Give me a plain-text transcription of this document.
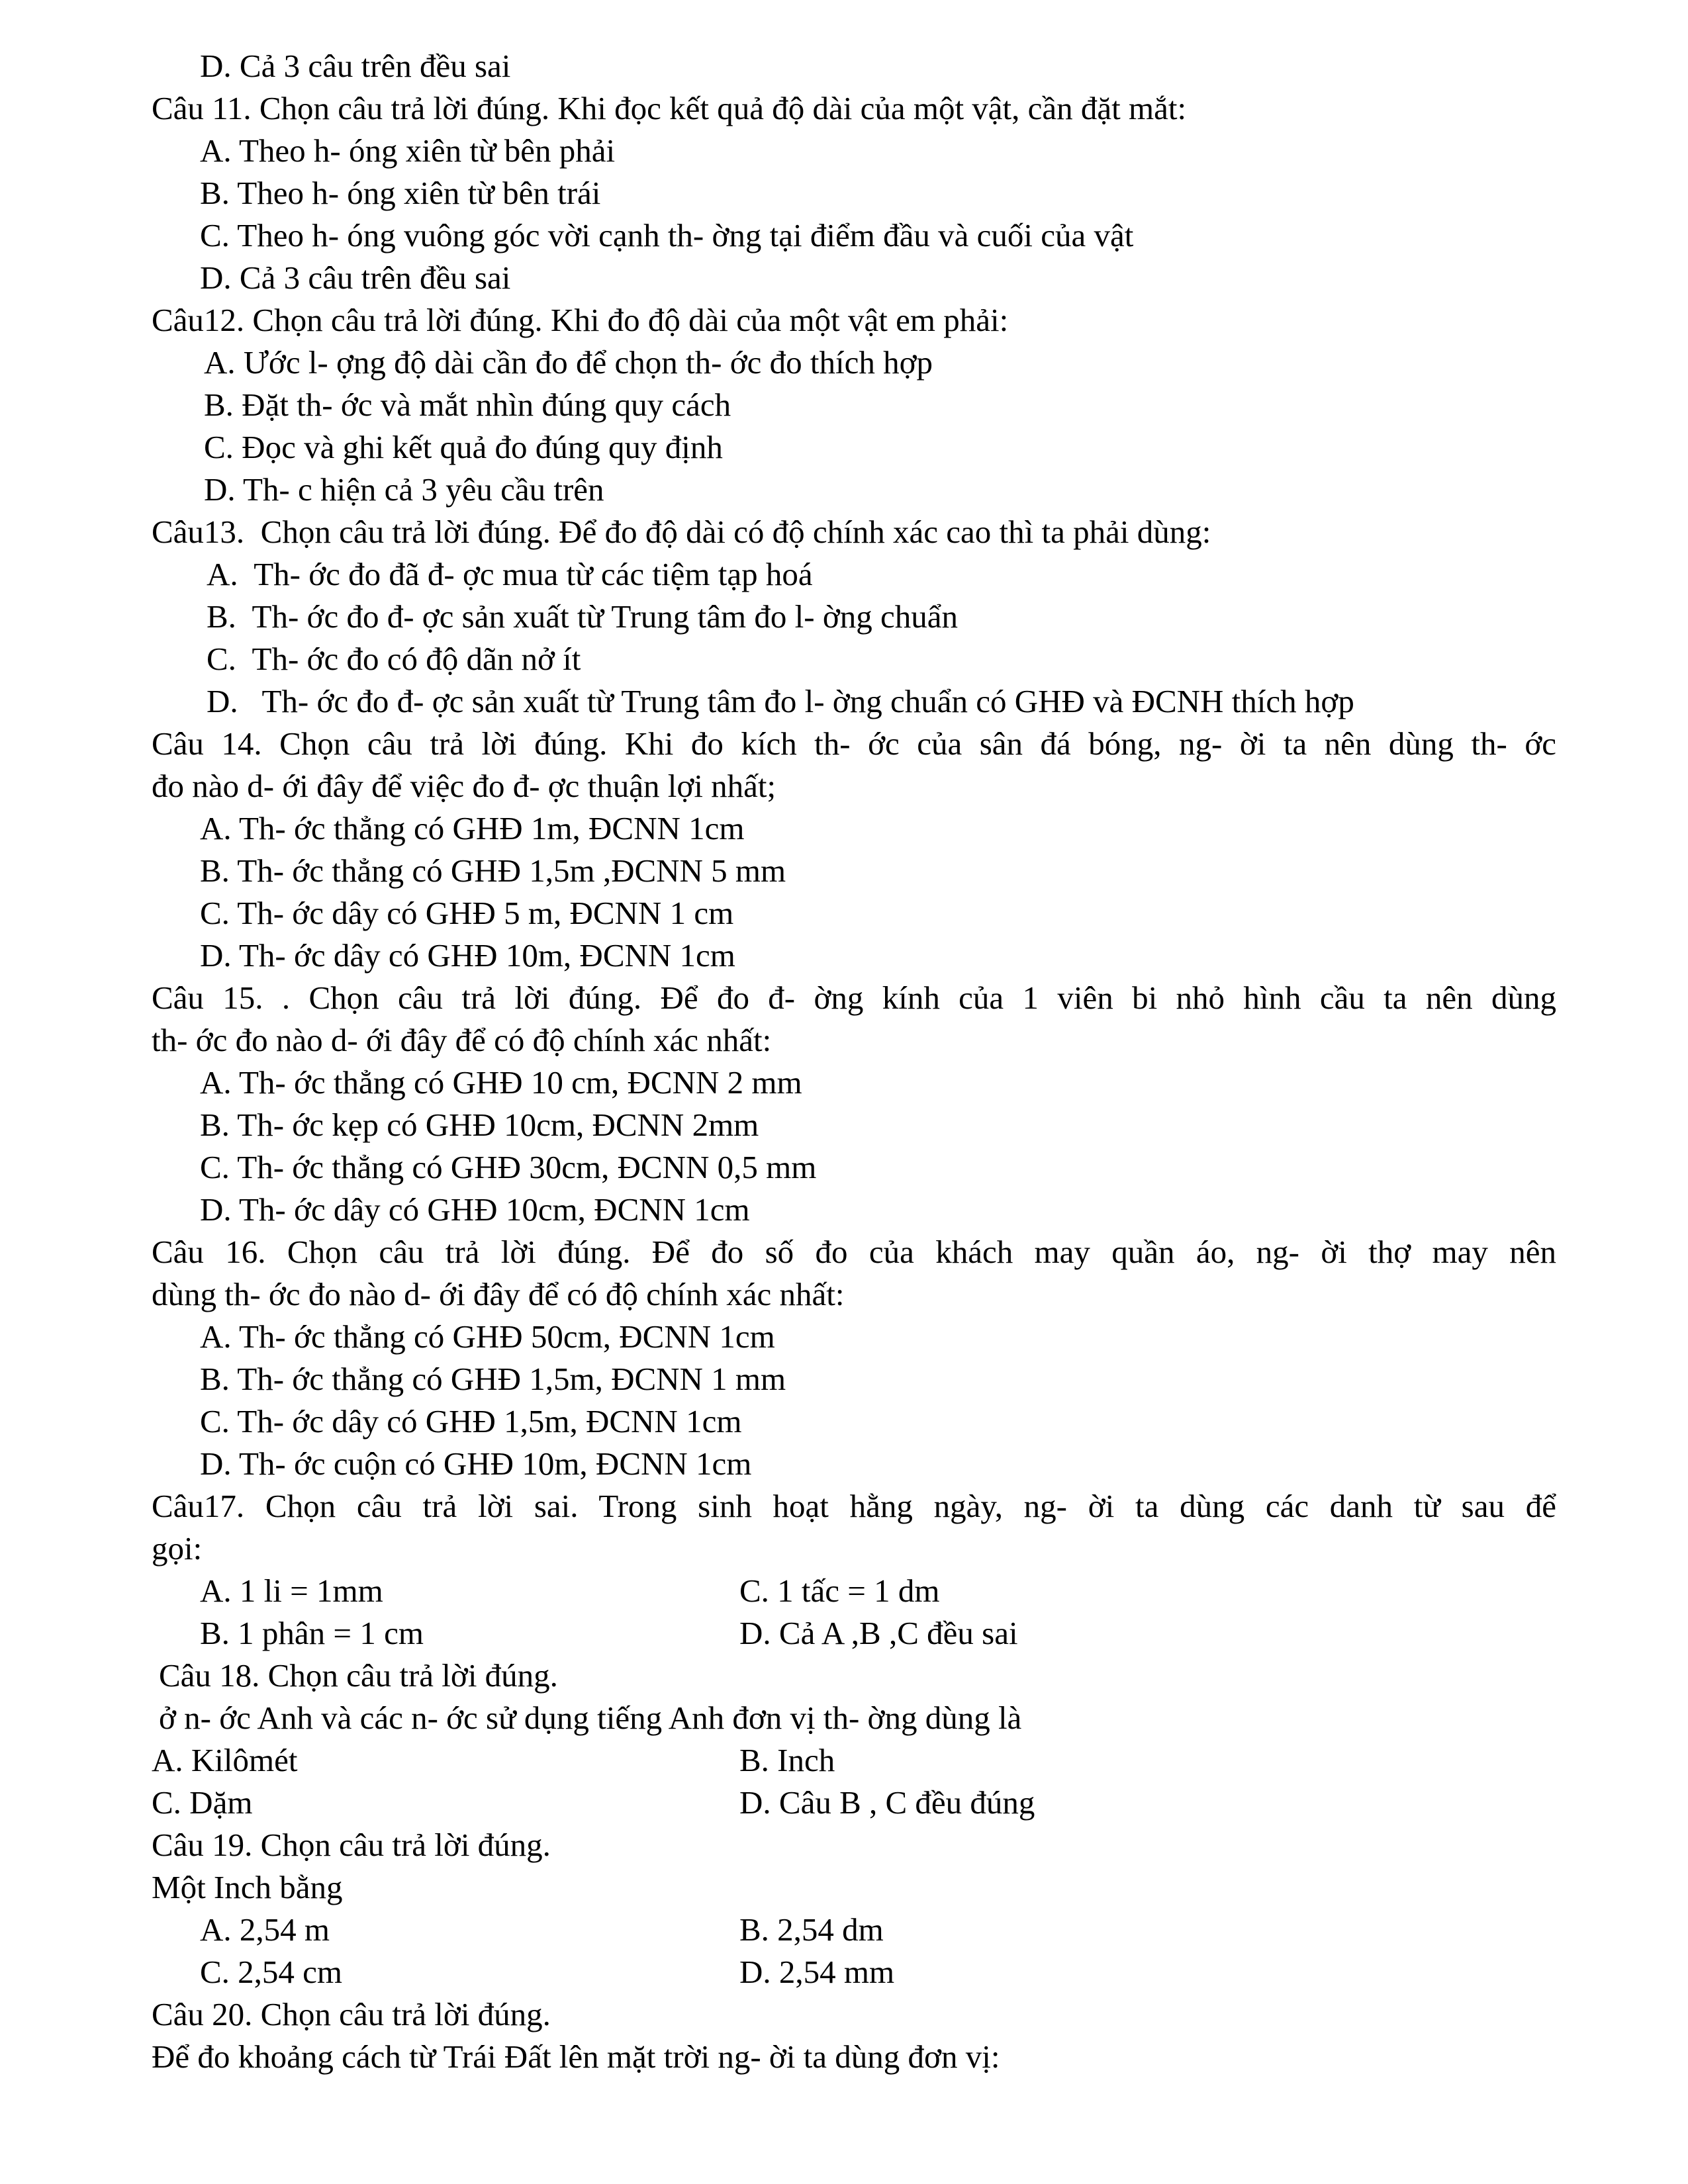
D. Cả 3 câu trên đều sai
Câu 11. Chọn câu trả lời đúng. Khi đọc kết quả độ dài của một vật, cần đặt mắt:
A. Theo h- óng xiên từ bên phải
B. Theo h- óng xiên từ bên trái
C. Theo h- óng vuông góc vời cạnh th- ờng tại điểm đầu và cuối của vật
D. Cả 3 câu trên đều sai
Câu12. Chọn câu trả lời đúng. Khi đo độ dài của một vật em phải:
A. Ước l- ợng độ dài cần đo để chọn th- ớc đo thích hợp
B. Đặt th- ớc và mắt nhìn đúng quy cách
C. Đọc và ghi kết quả đo đúng quy định
D. Th- c hiện cả 3 yêu cầu trên
Câu13.  Chọn câu trả lời đúng. Để đo độ dài có độ chính xác cao thì ta phải dùng:
A.  Th- ớc đo đã đ- ợc mua từ các tiệm tạp hoá
B.  Th- ớc đo đ- ợc sản xuất từ Trung tâm đo l- ờng chuẩn
C.  Th- ớc đo có độ dãn nở ít
D.   Th- ớc đo đ- ợc sản xuất từ Trung tâm đo l- ờng chuẩn có GHĐ và ĐCNH thích hợp
Câu 14. Chọn câu trả lời đúng. Khi đo kích th- ớc của sân đá bóng, ng- ời ta nên dùng th- ớc
đo nào d- ới đây để việc đo đ- ợc thuận lợi nhất;
A. Th- ớc thẳng có GHĐ 1m, ĐCNN 1cm
B. Th- ớc thẳng có GHĐ 1,5m ,ĐCNN 5 mm
C. Th- ớc dây có GHĐ 5 m, ĐCNN 1 cm
D. Th- ớc dây có GHĐ 10m, ĐCNN 1cm
Câu 15. . Chọn câu trả lời đúng. Để đo đ- ờng kính của 1 viên bi nhỏ hình cầu ta nên dùng
th- ớc đo nào d- ới đây để có độ chính xác nhất:
A. Th- ớc thẳng có GHĐ 10 cm, ĐCNN 2 mm
B. Th- ớc kẹp có GHĐ 10cm, ĐCNN 2mm
C. Th- ớc thẳng có GHĐ 30cm, ĐCNN 0,5 mm
D. Th- ớc dây có GHĐ 10cm, ĐCNN 1cm
Câu 16. Chọn câu trả lời đúng. Để đo số đo của khách may quần áo, ng- ời thợ may nên
dùng th- ớc đo nào d- ới đây để có độ chính xác nhất:
A. Th- ớc thẳng có GHĐ 50cm, ĐCNN 1cm
B. Th- ớc thẳng có GHĐ 1,5m, ĐCNN 1 mm
C. Th- ớc dây có GHĐ 1,5m, ĐCNN 1cm
D. Th- ớc cuộn có GHĐ 10m, ĐCNN 1cm
Câu17. Chọn câu trả lời sai. Trong sinh hoạt hằng ngày, ng- ời ta dùng các danh từ sau để
gọi:
A. 1 li = 1mm	C. 1 tấc = 1 dm
B. 1 phân = 1 cm	D. Cả A ,B ,C đều sai
Câu 18. Chọn câu trả lời đúng.
ở n- ớc Anh và các n- ớc sử dụng tiếng Anh đơn vị th- ờng dùng là
A. Kilômét	B. Inch
C. Dặm	D. Câu B , C đều đúng
Câu 19. Chọn câu trả lời đúng.
Một Inch bằng
A. 2,54 m	B. 2,54 dm
C. 2,54 cm	D. 2,54 mm
Câu 20. Chọn câu trả lời đúng.
Để đo khoảng cách từ Trái Đất lên mặt trời ng- ời ta dùng đơn vị:
